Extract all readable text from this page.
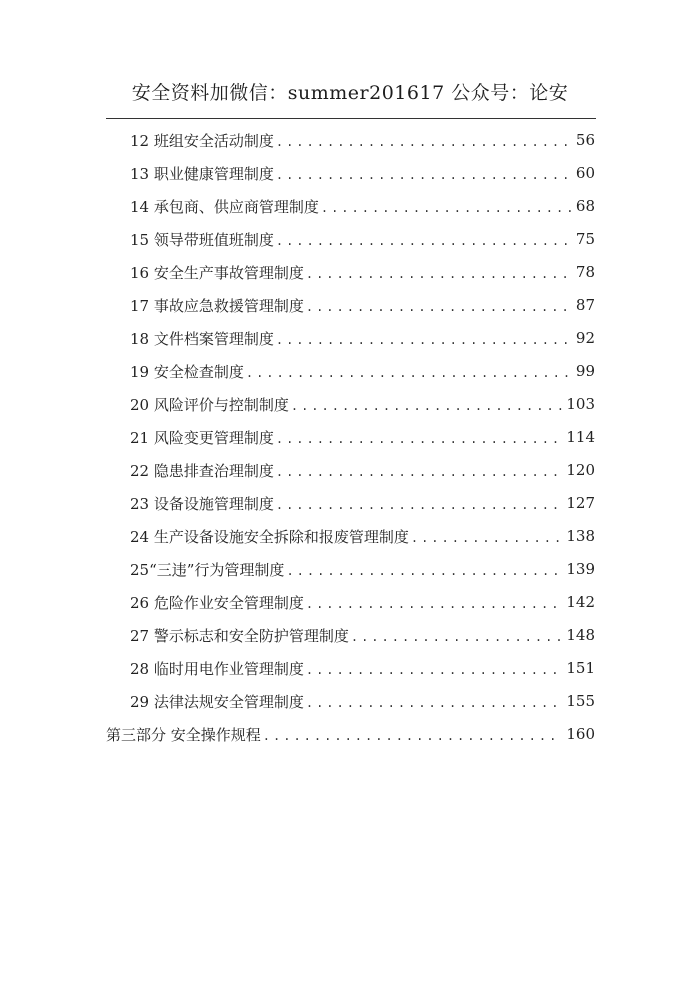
安全资料加微信：summer201617 公众号：论安
12 班组安全活动制度 .....	56
13 职业健康管理制度 .....	60
14 承包商、供应商管理制度 .....	68
15 领导带班值班制度 .....	75
16 安全生产事故管理制度 .....	78
17 事故应急救援管理制度 .....	87
18 文件档案管理制度 .....	92
19 安全检查制度 .....	99
20 风险评价与控制制度 .....	103
21 风险变更管理制度 .....	114
22 隐患排查治理制度 .....	120
23 设备设施管理制度 .....	127
24 生产设备设施安全拆除和报废管理制度 .....	138
25“三违”行为管理制度 .....	139
26 危险作业安全管理制度 .....	142
27 警示标志和安全防护管理制度 .....	148
28 临时用电作业管理制度 .....	151
29 法律法规安全管理制度 .....	155
第三部分 安全操作规程 .....	160
